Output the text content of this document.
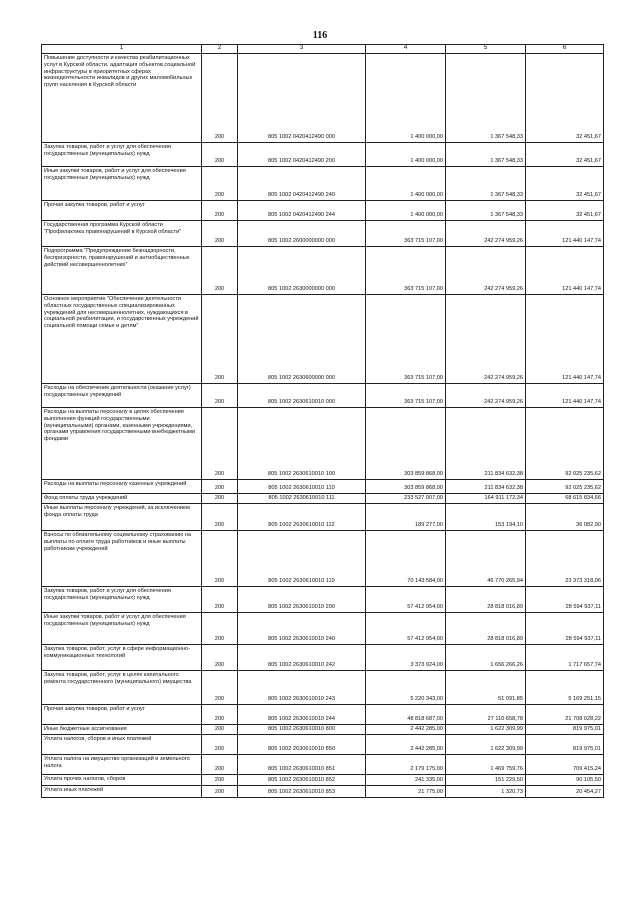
116
1	2	3	4	5	6
Повышение доступности и качества реабилитационных услуг в Курской области, адаптация объектов социальной инфраструктуры в приоритетных сферах жизнедеятельности инвалидов и других маломобильных групп населения в Курской области	200	805 1002 0420412490 000	1 400 000,00	1 367 548,33	32 451,67
Закупка товаров, работ и услуг для обеспечения государственных (муниципальных) нужд	200	805 1002 0420412490 200	1 400 000,00	1 367 548,33	32 451,67
Иные закупки товаров, работ и услуг для обеспечения государственных (муниципальных) нужд	200	805 1002 0420412490 240	1 400 000,00	1 367 548,33	32 451,67
Прочая закупка товаров, работ и услуг	200	805 1002 0420412490 244	1 400 000,00	1 367 548,33	32 451,67
Государственная программа Курской области "Профилактика правонарушений в Курской области"	200	805 1002 2600000000 000	363 715 107,00	242 274 959,26	121 440 147,74
Подпрограмма "Предупреждение безнадзорности, беспризорности, правонарушений и антиобщественных действий несовершеннолетних"	200	805 1002 2630000000 000	363 715 107,00	242 274 959,26	121 440 147,74
Основное мероприятие "Обеспечение деятельности областных государственных специализированных учреждений для несовершеннолетних, нуждающихся в социальной реабилитации, и государственных учреждений социальной помощи семье и детям"	200	805 1002 2630600000 000	363 715 107,00	242 274 959,26	121 440 147,74
Расходы на обеспечение деятельности (оказание услуг) государственных учреждений	200	805 1002 2630610010 000	363 715 107,00	242 274 959,26	121 440 147,74
Расходы на выплаты персоналу в целях обеспечения выполнения функций государственными (муниципальными) органами, казенными учреждениями, органами управления государственными внебюджетными фондами	200	805 1002 2630610010 100	303 859 868,00	211 834 632,38	92 025 235,62
Расходы на выплаты персоналу казенных учреждений	200	805 1002 2630610010 110	303 859 868,00	211 834 632,38	92 025 235,62
Фонд оплаты труда учреждений	200	805 1002 2630610010 111	233 527 007,00	164 911 172,34	68 615 834,66
Иные выплаты персоналу учреждений, за исключением фонда оплаты труда	200	805 1002 2630610010 112	189 277,00	153 194,10	36 082,90
Взносы по обязательному социальному страхованию на выплаты по оплате труда работников и иные выплаты работникам учреждений	200	805 1002 2630610010 119	70 143 584,00	46 770 265,94	23 373 318,06
Закупка товаров, работ и услуг для обеспечения государственных (муниципальных) нужд	200	805 1002 2630610010 200	57 412 954,00	28 818 016,89	28 594 937,11
Иные закупки товаров, работ и услуг для обеспечения государственных (муниципальных) нужд	200	805 1002 2630610010 240	57 412 954,00	28 818 016,89	28 594 937,11
Закупка товаров, работ, услуг в сфере информационно-коммуникационных технологий	200	805 1002 2630610010 242	3 373 924,00	1 656 266,26	1 717 657,74
Закупка товаров, работ, услуг в целях капитального ремонта государственного (муниципального) имущества	200	805 1002 2630610010 243	5 220 343,00	51 091,85	5 169 251,15
Прочая закупка товаров, работ и услуг	200	805 1002 2630610010 244	48 818 687,00	27 110 658,78	21 708 028,22
Иные бюджетные ассигнования	200	805 1002 2630610010 800	2 442 285,00	1 622 309,99	819 975,01
Уплата налогов, сборов и иных платежей	200	805 1002 2630610010 850	2 442 285,00	1 622 309,99	819 975,01
Уплата налога на имущество организаций и земельного налога	200	805 1002 2630610010 851	2 179 175,00	1 469 759,76	709 415,24
Уплата прочих налогов, сборов	200	805 1002 2630610010 852	241 335,00	151 229,50	90 105,50
Уплата иных платежей	200	805 1002 2630610010 853	21 775,00	1 320,73	20 454,27
